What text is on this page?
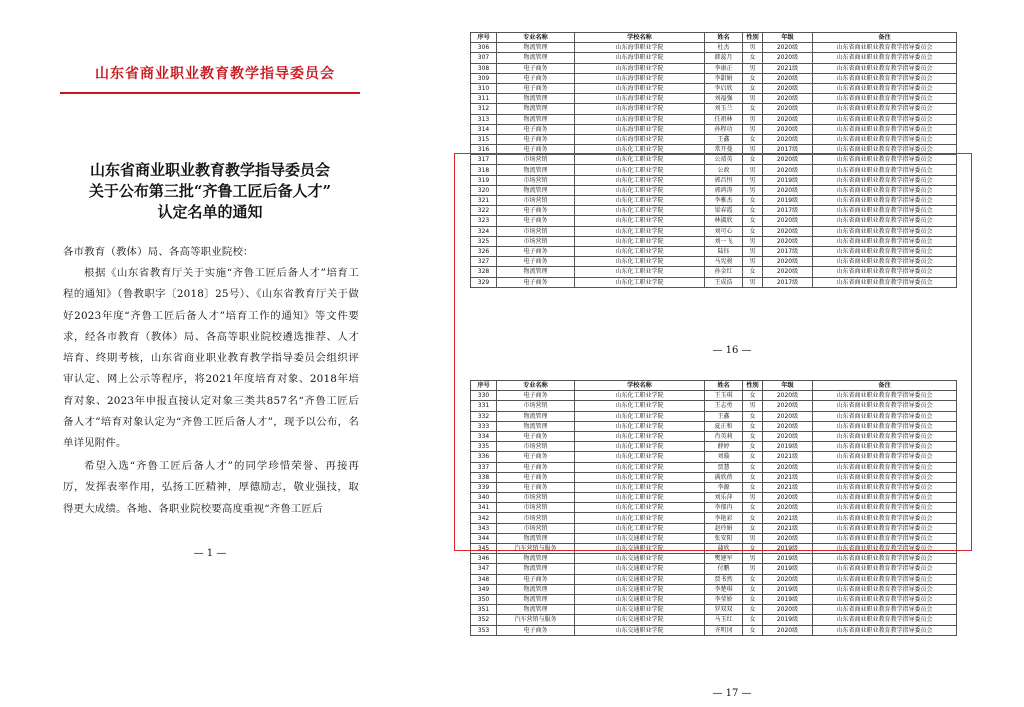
山东省商业职业教育教学指导委员会
山东省商业职业教育教学指导委员会
关于公布第三批“齐鲁工匠后备人才”
认定名单的通知

各市教育（教体）局、各高等职业院校：

根据《山东省教育厅关于实施“齐鲁工匠后备人才”培育工程的通知》（鲁教职字〔2018〕25号）、《山东省教育厅关于做好2023年度“齐鲁工匠后备人才”培育工作的通知》等文件要求，经各市教育（教体）局、各高等职业院校遴选推荐、人才培育、终期考核，山东省商业职业教育教学指导委员会组织评审认定、网上公示等程序，将2021年度培育对象、2018年培育对象、2023年申报直接认定对象三类共857名“齐鲁工匠后备人才”培育对象认定为“齐鲁工匠后备人才”，现予以公布，名单详见附件。

希望入选“齐鲁工匠后备人才”的同学珍惜荣誉、再接再厉，发挥表率作用，弘扬工匠精神，厚德励志，敬业强技，取得更大成绩。各地、各职业院校要高度重视“齐鲁工匠后

— 1 —
序号	专业名称	学校名称	姓名	性别	年级	备注
306	物流管理	山东海事职业学院	杜杰	男	2020级	山东省商业职业教育教学指导委员会
307	物流管理	山东海事职业学院	韩蕊月	女	2020级	山东省商业职业教育教学指导委员会
308	电子商务	山东海事职业学院	李康正	男	2021级	山东省商业职业教育教学指导委员会
309	电子商务	山东海事职业学院	李甜娟	女	2020级	山东省商业职业教育教学指导委员会
310	电子商务	山东海事职业学院	李启欣	女	2020级	山东省商业职业教育教学指导委员会
311	物流管理	山东海事职业学院	刘福强	男	2020级	山东省商业职业教育教学指导委员会
312	物流管理	山东海事职业学院	刘玉兰	女	2020级	山东省商业职业教育教学指导委员会
313	物流管理	山东海事职业学院	任祖林	男	2020级	山东省商业职业教育教学指导委员会
314	电子商务	山东海事职业学院	孙程功	男	2020级	山东省商业职业教育教学指导委员会
315	电子商务	山东海事职业学院	王鑫	女	2020级	山东省商业职业教育教学指导委员会
316	电子商务	山东化工职业学院	常开曼	男	2017级	山东省商业职业教育教学指导委员会
317	市场营销	山东化工职业学院	公靖英	女	2020级	山东省商业职业教育教学指导委员会
318	物流管理	山东化工职业学院	公政	男	2020级	山东省商业职业教育教学指导委员会
319	市场营销	山东化工职业学院	郭昌恒	男	2019级	山东省商业职业教育教学指导委员会
320	物流管理	山东化工职业学院	郭鸿涛	男	2020级	山东省商业职业教育教学指导委员会
321	市场营销	山东化工职业学院	李雅杰	女	2019级	山东省商业职业教育教学指导委员会
322	电子商务	山东化工职业学院	梁春霞	女	2017级	山东省商业职业教育教学指导委员会
323	电子商务	山东化工职业学院	林淑欣	女	2020级	山东省商业职业教育教学指导委员会
324	市场营销	山东化工职业学院	刘可心	女	2020级	山东省商业职业教育教学指导委员会
325	市场营销	山东化工职业学院	刘一飞	男	2020级	山东省商业职业教育教学指导委员会
326	电子商务	山东化工职业学院	陆钰	男	2017级	山东省商业职业教育教学指导委员会
327	电子商务	山东化工职业学院	马宪骏	男	2020级	山东省商业职业教育教学指导委员会
328	物流管理	山东化工职业学院	孙金红	女	2020级	山东省商业职业教育教学指导委员会
329	电子商务	山东化工职业学院	王成浩	男	2017级	山东省商业职业教育教学指导委员会
— 16 —
序号	专业名称	学校名称	姓名	性别	年级	备注
330	电子商务	山东化工职业学院	王玉琪	女	2020级	山东省商业职业教育教学指导委员会
331	市场营销	山东化工职业学院	王志勇	男	2020级	山东省商业职业教育教学指导委员会
332	物流管理	山东化工职业学院	王鑫	女	2020级	山东省商业职业教育教学指导委员会
333	物流管理	山东化工职业学院	夏正和	女	2020级	山东省商业职业教育教学指导委员会
334	电子商务	山东化工职业学院	肖英莉	女	2020级	山东省商业职业教育教学指导委员会
335	市场营销	山东化工职业学院	薛婷	女	2019级	山东省商业职业教育教学指导委员会
336	电子商务	山东化工职业学院	刘璇	女	2021级	山东省商业职业教育教学指导委员会
337	电子商务	山东化工职业学院	贾慧	女	2020级	山东省商业职业教育教学指导委员会
338	电子商务	山东化工职业学院	满欣蓓	女	2021级	山东省商业职业教育教学指导委员会
339	电子商务	山东化工职业学院	李源	女	2021级	山东省商业职业教育教学指导委员会
340	市场营销	山东化工职业学院	刘乐萍	男	2020级	山东省商业职业教育教学指导委员会
341	市场营销	山东化工职业学院	李郁冉	女	2020级	山东省商业职业教育教学指导委员会
342	市场营销	山东化工职业学院	李艳彩	女	2021级	山东省商业职业教育教学指导委员会
343	市场营销	山东化工职业学院	赵玲娟	女	2021级	山东省商业职业教育教学指导委员会
344	物流管理	山东交通职业学院	张安阳	男	2020级	山东省商业职业教育教学指导委员会
345	汽车营销与服务	山东交通职业学院	蒲欣	女	2019级	山东省商业职业教育教学指导委员会
346	物流管理	山东交通职业学院	樊建军	男	2019级	山东省商业职业教育教学指导委员会
347	物流管理	山东交通职业学院	付鹏	男	2019级	山东省商业职业教育教学指导委员会
348	电子商务	山东交通职业学院	贾书然	女	2020级	山东省商业职业教育教学指导委员会
349	物流管理	山东交通职业学院	李楚琪	女	2019级	山东省商业职业教育教学指导委员会
350	物流管理	山东交通职业学院	李莹娇	女	2019级	山东省商业职业教育教学指导委员会
351	物流管理	山东交通职业学院	罗双双	女	2020级	山东省商业职业教育教学指导委员会
352	汽车营销与服务	山东交通职业学院	马玉红	女	2019级	山东省商业职业教育教学指导委员会
353	电子商务	山东交通职业学院	齐明冈	女	2020级	山东省商业职业教育教学指导委员会
— 17 —
